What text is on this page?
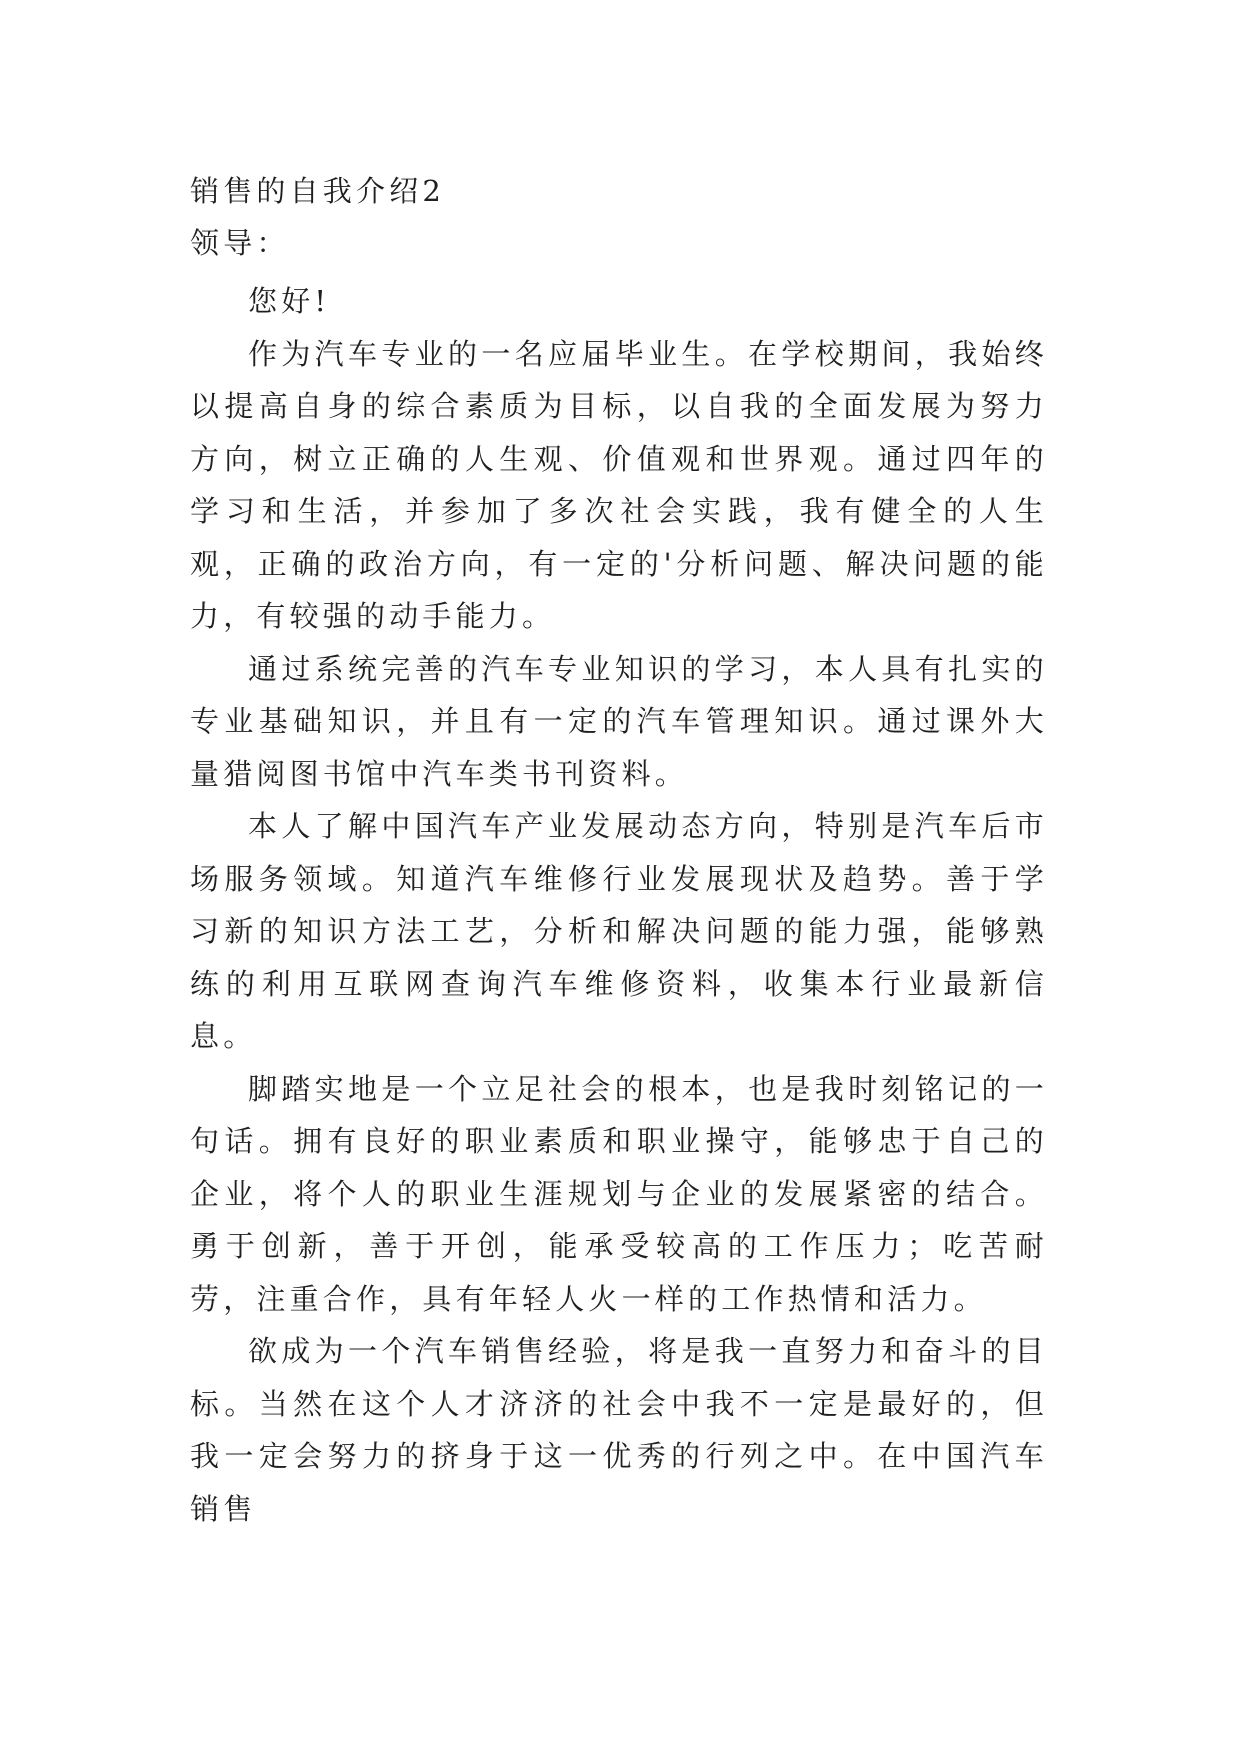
销售的自我介绍2

领导：

您好!

作为汽车专业的一名应届毕业生。在学校期间，我始终以提高自身的综合素质为目标，以自我的全面发展为努力方向，树立正确的人生观、价值观和世界观。通过四年的学习和生活，并参加了多次社会实践，我有健全的人生观，正确的政治方向，有一定的'分析问题、解决问题的能力，有较强的动手能力。

通过系统完善的汽车专业知识的学习，本人具有扎实的专业基础知识，并且有一定的汽车管理知识。通过课外大量猎阅图书馆中汽车类书刊资料。

本人了解中国汽车产业发展动态方向，特别是汽车后市场服务领域。知道汽车维修行业发展现状及趋势。善于学习新的知识方法工艺，分析和解决问题的能力强，能够熟练的利用互联网查询汽车维修资料，收集本行业最新信息。

脚踏实地是一个立足社会的根本，也是我时刻铭记的一句话。拥有良好的职业素质和职业操守，能够忠于自己的企业，将个人的职业生涯规划与企业的发展紧密的结合。勇于创新，善于开创，能承受较高的工作压力；吃苦耐劳，注重合作，具有年轻人火一样的工作热情和活力。

欲成为一个汽车销售经验，将是我一直努力和奋斗的目标。当然在这个人才济济的社会中我不一定是最好的，但我一定会努力的挤身于这一优秀的行列之中。在中国汽车销售
